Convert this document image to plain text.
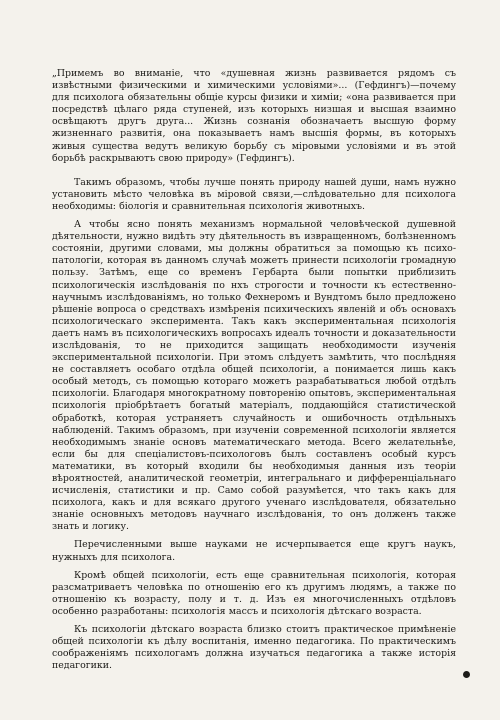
„Примемъ во вниманіе, что «душевная жизнь развивается рядомъ съ извѣстными физическими и химическими условіями»... (Гефдингъ)—почему для психолога обязательны общіе курсы физики и химіи; «она развивается при посредствѣ цѣлаго ряда ступеней, изъ которыхъ низшая и высшая взаимно освѣщаютъ другъ друга... Жизнь сознанія обозначаетъ высшую форму жизненнаго развитія, она показываетъ намъ высшія формы, въ которыхъ живыя существа ведутъ великую борьбу съ міровыми условіями и въ этой борьбѣ раскрываютъ свою природу» (Гефдингъ).

Такимъ образомъ, чтобы лучше понять природу нашей души, намъ нужно установить мѣсто человѣка въ міровой связи,—слѣдовательно для психолога необходимы: біологія и сравнительная психологія животныхъ.

А чтобы ясно понять механизмъ нормальной человѣческой душевной дѣятельности, нужно видѣть эту дѣятельность въ извращенномъ, болѣзненномъ состояніи, другими словами, мы должны обратиться за помощью къ психо-патологіи, которая въ данномъ случаѣ можетъ принести психологіи громадную пользу. Затѣмъ, еще со временъ Гербарта были попытки приблизить психологическія изслѣдованія по нхъ строгости и точности къ естественно-научнымъ изслѣдованіямъ, но только Фехнеромъ и Вундтомъ было предложено рѣшеніе вопроса о средствахъ измѣренія психическихъ явленій и объ основахъ психологическаго эксперимента. Такъ какъ экспериментальная психологія даетъ намъ въ психологическихъ вопросахъ идеалъ точности и доказательности изслѣдованія, то не приходится защищать необходимости изученія экспериментальной психологіи. При этомъ слѣдуетъ замѣтить, что послѣдняя не составляетъ особаго отдѣла общей психологіи, а понимается лишь какъ особый методъ, съ помощью котораго можетъ разрабатываться любой отдѣлъ психологіи. Благодаря многократному повторенію опытовъ, экспериментальная психологія пріобрѣтаетъ богатый матеріалъ, поддающійся статистической обработкѣ, которая устраняетъ случайность и ошибочность отдѣльныхъ наблюденій. Такимъ образомъ, при изученіи современной психологіи является необходимымъ знаніе основъ математическаго метода. Всего желательнѣе, если бы для спеціалистовъ-психологовъ былъ составленъ особый курсъ математики, въ который входили бы необходимыя данныя изъ теоріи вѣроятностей, аналитической геометріи, интегральнаго и дифференціальнаго исчисленія, статистики и пр. Само собой разумѣется, что такъ какъ для психолога, какъ и для всякаго другого ученаго изслѣдователя, обязательно знаніе основныхъ методовъ научнаго изслѣдованія, то онъ долженъ также знать и логику.

Перечисленными выше науками не исчерпывается еще кругъ наукъ, нужныхъ для психолога.

Кромѣ общей психологіи, есть еще сравнительная психологія, которая разсматриваетъ человѣка по отношенію его къ другимъ людямъ, а также по отношенію къ возрасту, полу и т. д. Изъ ея многочисленныхъ отдѣловъ особенно разработаны: психологія массъ и психологія дѣтскаго возраста.

Къ психологіи дѣтскаго возраста близко стоитъ практическое примѣненіе общей психологіи къ дѣлу воспитанія, именно педагогика. По практическимъ соображеніямъ психологамъ должна изучаться педагогика а также исторія педагогики.
